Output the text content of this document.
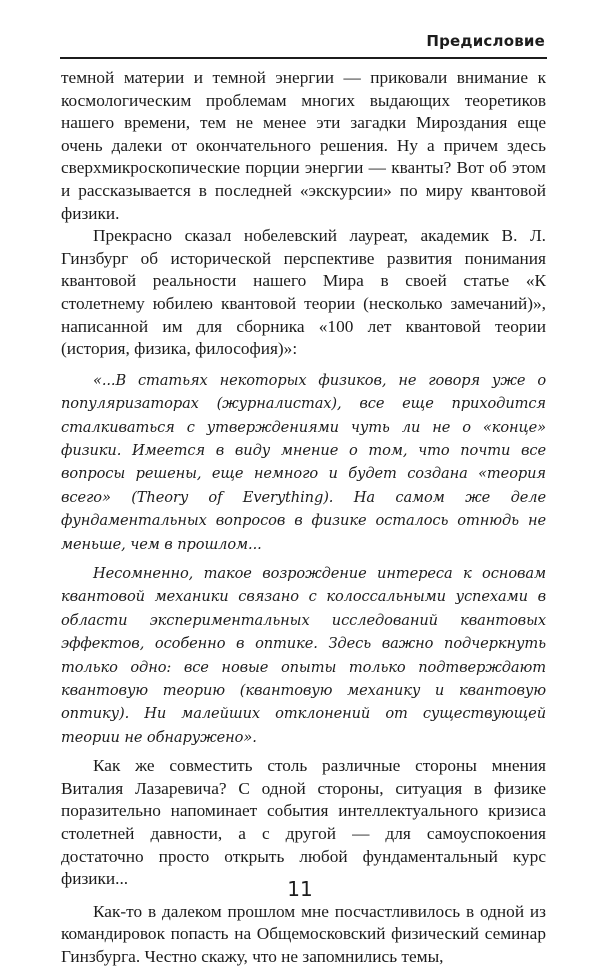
Предисловие

темной материи и темной энергии — приковали внимание к космологическим проблемам многих выдающих теоретиков нашего времени, тем не менее эти загадки Мироздания еще очень далеки от окончательного решения. Ну а причем здесь сверхмикроскопические порции энергии — кванты? Вот об этом и рассказывается в последней «экскурсии» по миру квантовой физики.

Прекрасно сказал нобелевский лауреат, академик В. Л. Гинзбург об исторической перспективе развития понимания квантовой реальности нашего Мира в своей статье «К столетнему юбилею квантовой теории (несколько замечаний)», написанной им для сборника «100 лет квантовой теории (история, физика, философия)»:

«...В статьях некоторых физиков, не говоря уже о популяризаторах (журналистах), все еще приходится сталкиваться с утверждениями чуть ли не о «конце» физики. Имеется в виду мнение о том, что почти все вопросы решены, еще немного и будет создана «теория всего» (Theory of Everything). На самом же деле фундаментальных вопросов в физике осталось отнюдь не меньше, чем в прошлом...

Несомненно, такое возрождение интереса к основам квантовой механики связано с колоссальными успехами в области экспериментальных исследований квантовых эффектов, особенно в оптике. Здесь важно подчеркнуть только одно: все новые опыты только подтверждают квантовую теорию (квантовую механику и квантовую оптику). Ни малейших отклонений от существующей теории не обнаружено».

Как же совместить столь различные стороны мнения Виталия Лазаревича? С одной стороны, ситуация в физике поразительно напоминает события интеллектуального кризиса столетней давности, а с другой — для самоуспокоения достаточно просто открыть любой фундаментальный курс физики...

Как-то в далеком прошлом мне посчастливилось в одной из командировок попасть на Общемосковский физический семинар Гинзбурга. Честно скажу, что не запомнились темы,

11
